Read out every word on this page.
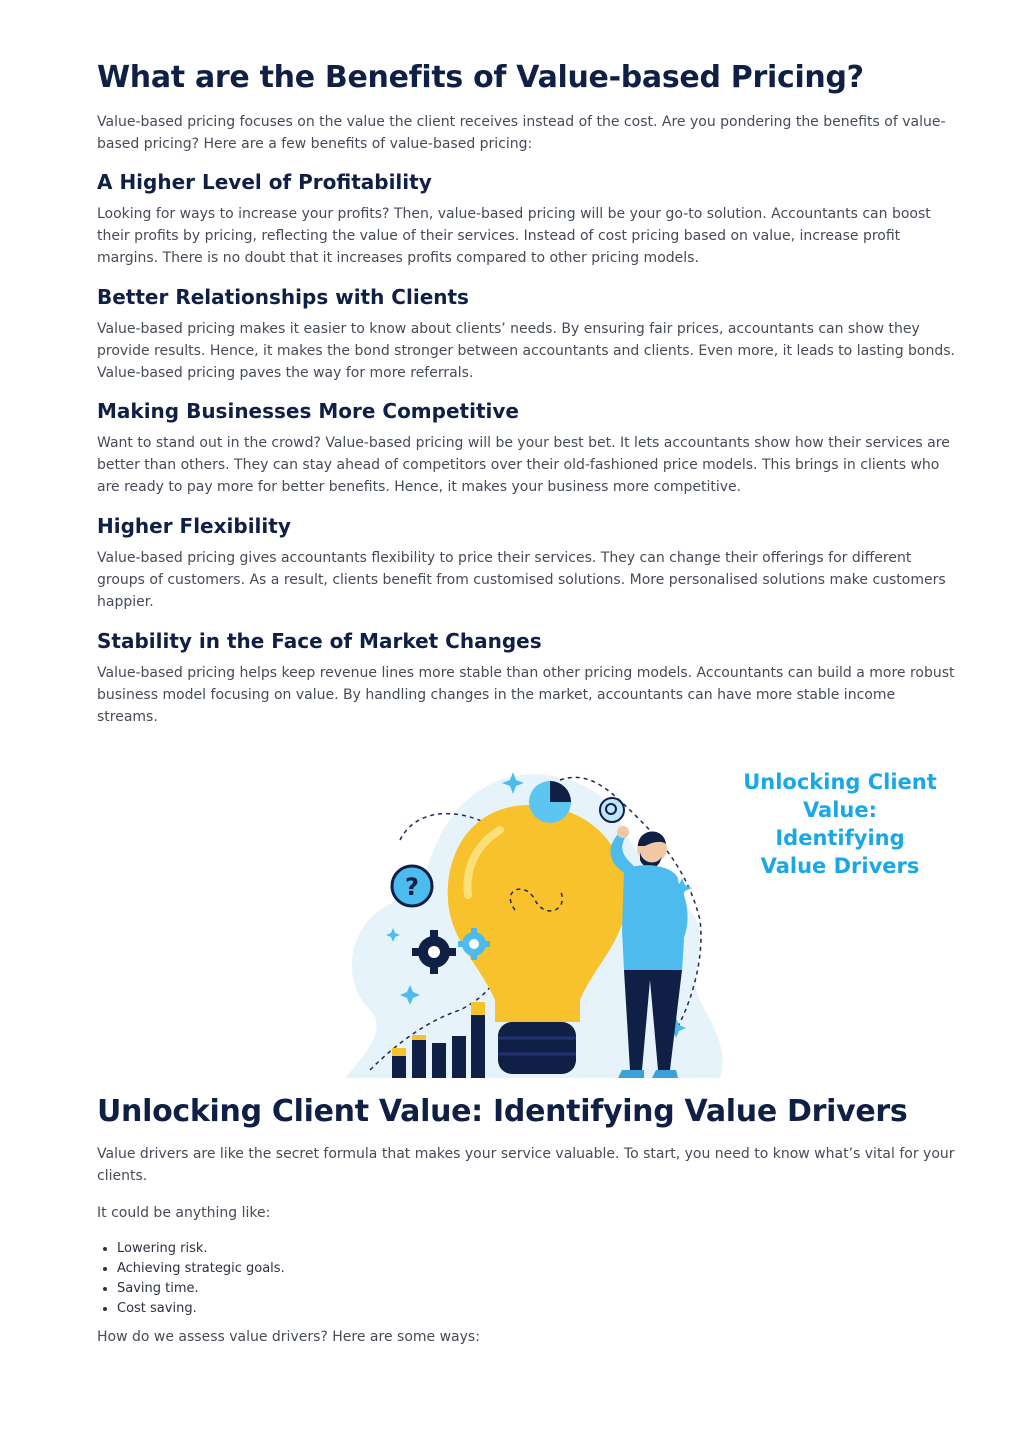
What are the Benefits of Value-based Pricing?

Value-based pricing focuses on the value the client receives instead of the cost. Are you pondering the benefits of value-based pricing? Here are a few benefits of value-based pricing:

A Higher Level of Profitability

Looking for ways to increase your profits? Then, value-based pricing will be your go-to solution. Accountants can boost their profits by pricing, reflecting the value of their services. Instead of cost pricing based on value, increase profit margins. There is no doubt that it increases profits compared to other pricing models.

Better Relationships with Clients

Value-based pricing makes it easier to know about clients’ needs. By ensuring fair prices, accountants can show they provide results. Hence, it makes the bond stronger between accountants and clients. Even more, it leads to lasting bonds. Value-based pricing paves the way for more referrals.

Making Businesses More Competitive

Want to stand out in the crowd? Value-based pricing will be your best bet. It lets accountants show how their services are better than others. They can stay ahead of competitors over their old-fashioned price models. This brings in clients who are ready to pay more for better benefits. Hence, it makes your business more competitive.

Higher Flexibility

Value-based pricing gives accountants flexibility to price their services. They can change their offerings for different groups of customers. As a result, clients benefit from customised solutions. More personalised solutions make customers happier.

Stability in the Face of Market Changes

Value-based pricing helps keep revenue lines more stable than other pricing models. Accountants can build a more robust business model focusing on value. By handling changes in the market, accountants can have more stable income streams.

Unlocking Client Value: Identifying Value Drivers

Value drivers are like the secret formula that makes your service valuable. To start, you need to know what’s vital for your clients.

It could be anything like:

• Lowering risk.
• Achieving strategic goals.
• Saving time.
• Cost saving.

How do we assess value drivers? Here are some ways:

?
Unlocking Client
Value:
Identifying
Value Drivers
